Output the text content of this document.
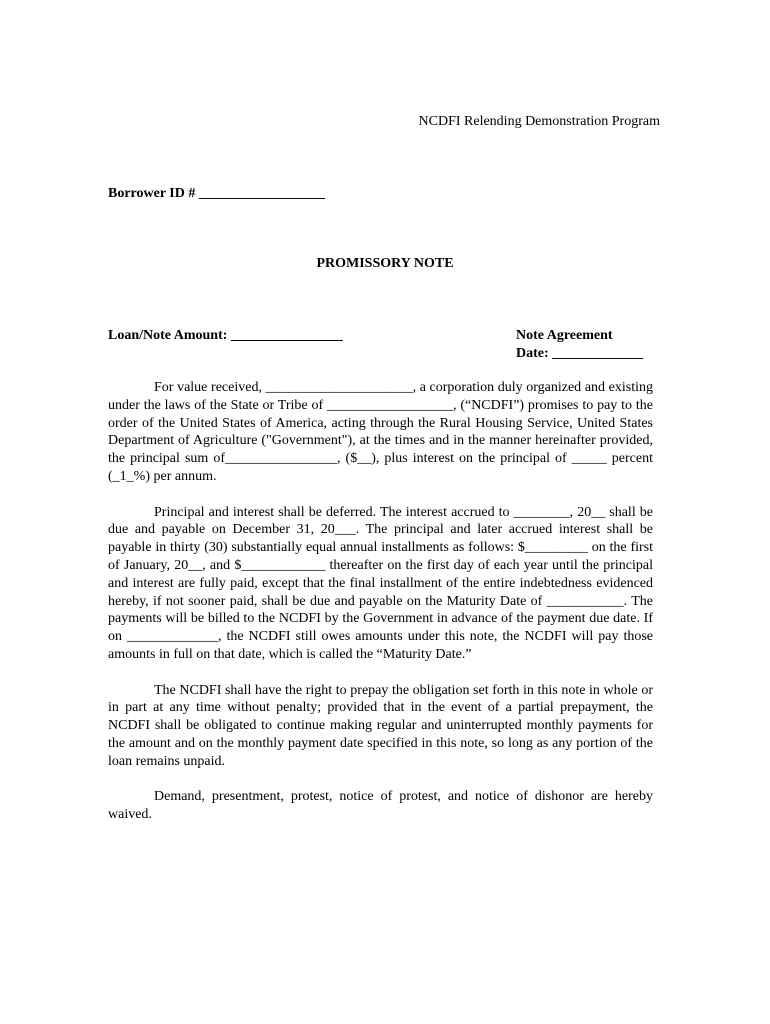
NCDFI Relending Demonstration Program
Borrower ID # __________________
PROMISSORY NOTE
Loan/Note Amount: ________________	Note Agreement
Date: _____________

For value received, _____________________, a corporation duly organized and existing under the laws of the State or Tribe of __________________, (“NCDFI”) promises to pay to the order of the United States of America, acting through the Rural Housing Service, United States Department of Agriculture ("Government"), at the times and in the manner hereinafter provided, the principal sum of________________, ($__), plus interest on the principal of _____ percent (_1_%) per annum.

Principal and interest shall be deferred. The interest accrued to ________, 20__ shall be due and payable on December 31, 20___. The principal and later accrued interest shall be payable in thirty (30) substantially equal annual installments as follows: $_________ on the first of January, 20__, and $____________ thereafter on the first day of each year until the principal and interest are fully paid, except that the final installment of the entire indebtedness evidenced hereby, if not sooner paid, shall be due and payable on the Maturity Date of ___________. The payments will be billed to the NCDFI by the Government in advance of the payment due date. If on _____________, the NCDFI still owes amounts under this note, the NCDFI will pay those amounts in full on that date, which is called the “Maturity Date.”

The NCDFI shall have the right to prepay the obligation set forth in this note in whole or in part at any time without penalty; provided that in the event of a partial prepayment, the NCDFI shall be obligated to continue making regular and uninterrupted monthly payments for the amount and on the monthly payment date specified in this note, so long as any portion of the loan remains unpaid.

Demand, presentment, protest, notice of protest, and notice of dishonor are hereby waived.
